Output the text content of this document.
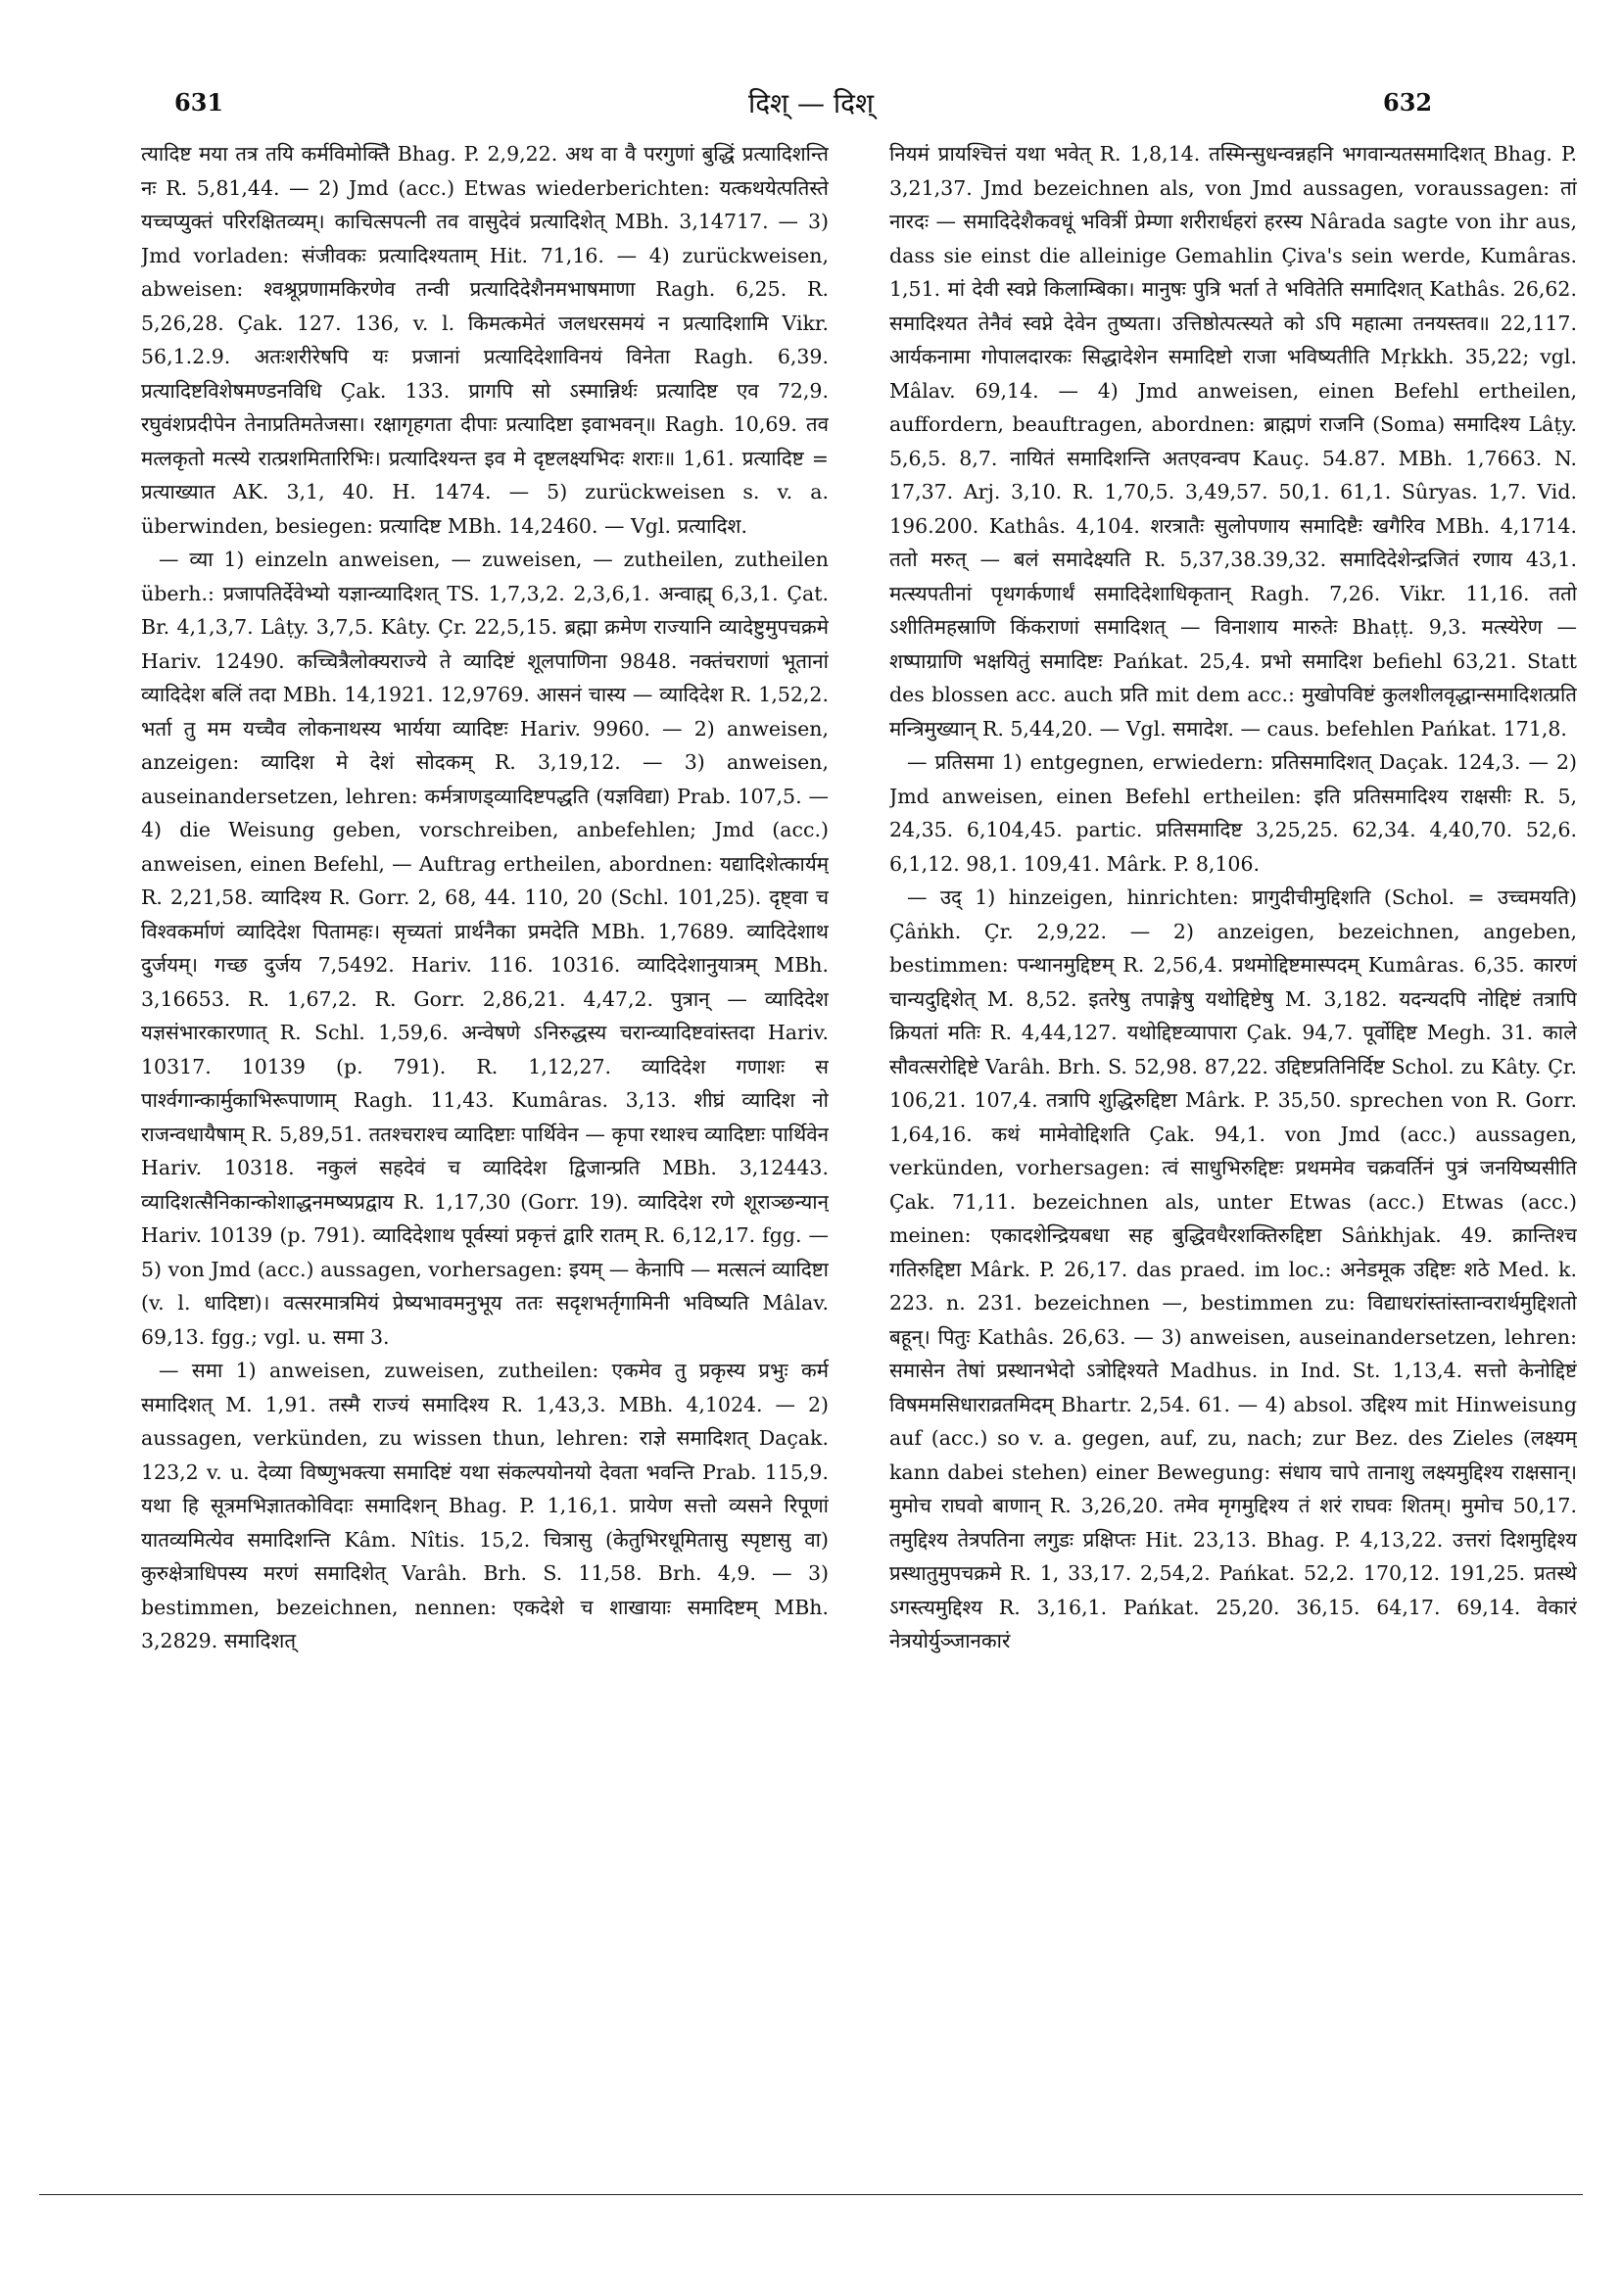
631	दिश् — दिश्	632

त्यादिष्ट मया तत्र तयि कर्मविमोक्तिे Bhag. P. 2,9,22. अथ वा वै परगुणां बुद्धिं प्रत्यादिशन्ति नः R. 5,81,44. — 2) Jmd (acc.) Etwas wiederberichten: यत्कथयेत्पतिस्ते यच्चप्युक्तं परिरक्षितव्यम्। काचित्सपत्नी तव वासुदेवं प्रत्यादिशेत् MBh. 3,14717. — 3) Jmd vorladen: संजीवकः प्रत्यादिश्यताम् Hit. 71,16. — 4) zurückweisen, abweisen: श्वश्रूप्रणामकिरणेव तन्वी प्रत्यादिदेशैनमभाषमाणा Ragh. 6,25. R. 5,26,28. Çak. 127. 136, v. l. किमत्कमेतं जलधरसमयं न प्रत्यादिशामि Vikr. 56,1.2.9. अतःशरीरेषपि यः प्रजानां प्रत्यादिदेशाविनयं विनेता Ragh. 6,39. प्रत्यादिष्टविशेषमण्डनविधि Çak. 133. प्रागपि सो ऽस्मान्निर्थः प्रत्यादिष्ट एव 72,9. रघुवंशप्रदीपेन तेनाप्रतिमतेजसा। रक्षागृहगता दीपाः प्रत्यादिष्टा इवाभवन्॥ Ragh. 10,69. तव मत्लकृतो मत्स्ये रात्प्रशमितारिभिः। प्रत्यादिश्यन्त इव मे दृष्टलक्ष्यभिदः शराः॥ 1,61. प्रत्यादिष्ट = प्रत्याख्यात AK. 3,1, 40. H. 1474. — 5) zurückweisen s. v. a. überwinden, besiegen: प्रत्यादिष्ट MBh. 14,2460. — Vgl. प्रत्यादिश.

— व्या 1) einzeln anweisen, — zuweisen, — zutheilen, zutheilen überh.: प्रजापतिर्देवेभ्यो यज्ञान्व्यादिशत् TS. 1,7,3,2. 2,3,6,1. अन्वाह्म् 6,3,1. Çat. Br. 4,1,3,7. Lâṭy. 3,7,5. Kâty. Çr. 22,5,15. ब्रह्मा क्रमेण राज्यानि व्यादेष्टुमुपचक्रमे Hariv. 12490. कच्चित्रैलोक्यराज्ये ते व्यादिष्टं शूलपाणिना 9848. नक्तंचराणां भूतानां व्यादिदेश बलिं तदा MBh. 14,1921. 12,9769. आसनं चास्य — व्यादिदेश R. 1,52,2. भर्ता तु मम यच्चैव लोकनाथस्य भार्यया व्यादिष्टः Hariv. 9960. — 2) anweisen, anzeigen: व्यादिश मे देशं सोदकम् R. 3,19,12. — 3) anweisen, auseinandersetzen, lehren: कर्मत्राणड्व्यादिष्टपद्धति (यज्ञविद्या) Prab. 107,5. — 4) die Weisung geben, vorschreiben, anbefehlen; Jmd (acc.) anweisen, einen Befehl, — Auftrag ertheilen, abordnen: यद्यादिशेत्कार्यम् R. 2,21,58. व्यादिश्य R. Gorr. 2, 68, 44. 110, 20 (Schl. 101,25). दृष्ट्वा च विश्वकर्माणं व्यादिदेश पितामहः। सृच्यतां प्रार्थनैका प्रमदेति MBh. 1,7689. व्यादिदेशाथ दुर्जयम्। गच्छ दुर्जय 7,5492. Hariv. 116. 10316. व्यादिदेशानुयात्रम् MBh. 3,16653. R. 1,67,2. R. Gorr. 2,86,21. 4,47,2. पुत्रान् — व्यादिदेश यज्ञसंभारकारणात् R. Schl. 1,59,6. अन्वेषणे ऽनिरुद्धस्य चरान्व्यादिष्टवांस्तदा Hariv. 10317. 10139 (p. 791). R. 1,12,27. व्यादिदेश गणाशः स पार्श्वगान्कार्मुकाभिरूपाणाम् Ragh. 11,43. Kumâras. 3,13. शीघ्रं व्यादिश नो राजन्वधायैषाम् R. 5,89,51. ततश्चराश्च व्यादिष्टाः पार्थिवेन — कृपा रथाश्च व्यादिष्टाः पार्थिवेन Hariv. 10318. नकुलं सहदेवं च व्यादिदेश द्विजान्प्रति MBh. 3,12443. व्यादिशत्सैनिकान्कोशाद्धनमष्यप्रद्वाय R. 1,17,30 (Gorr. 19). व्यादिदेश रणे शूराञ्छन्यान् Hariv. 10139 (p. 791). व्यादिदेशाथ पूर्वस्यां प्रकृत्तं द्वारि रातम् R. 6,12,17. fgg. — 5) von Jmd (acc.) aussagen, vorhersagen: इयम् — केनापि — मत्सत्नं व्यादिष्टा (v. l. धादिष्टा)। वत्सरमात्रमियं प्रेष्यभावमनुभूय ततः सदृशभर्तृगामिनी भविष्यति Mâlav. 69,13. fgg.; vgl. u. समा 3.

— समा 1) anweisen, zuweisen, zutheilen: एकमेव तु प्रकृस्य प्रभुः कर्म समादिशत् M. 1,91. तस्मै राज्यं समादिश्य R. 1,43,3. MBh. 4,1024. — 2) aussagen, verkünden, zu wissen thun, lehren: राज्ञे समादिशत् Daçak. 123,2 v. u. देव्या विष्णुभक्त्या समादिष्टं यथा संकल्पयोनयो देवता भवन्ति Prab. 115,9. यथा हि सूत्रमभिज्ञातकोविदाः समादिशन् Bhag. P. 1,16,1. प्रायेण सत्तो व्यसने रिपूणां यातव्यमित्येव समादिशन्ति Kâm. Nîtis. 15,2. चित्रासु (केतुभिरधूमितासु स्पृष्टासु वा) कुरुक्षेत्राधिपस्य मरणं समादिशेत् Varâh. Brh. S. 11,58. Brh. 4,9. — 3) bestimmen, bezeichnen, nennen: एकदेशे च शाखायाः समादिष्टम् MBh. 3,2829. समादिशत्

नियमं प्रायश्चित्तं यथा भवेत् R. 1,8,14. तस्मिन्सुधन्वन्नहनि भगवान्यतसमादिशत् Bhag. P. 3,21,37. Jmd bezeichnen als, von Jmd aussagen, voraussagen: तां नारदः — समादिदेशैकवधूं भवित्रीं प्रेम्णा शरीरार्धहरां हरस्य Nârada sagte von ihr aus, dass sie einst die alleinige Gemahlin Çiva's sein werde, Kumâras. 1,51. मां देवी स्वप्ने किलाम्बिका। मानुषः पुत्रि भर्ता ते भवितेति समादिशत् Kathâs. 26,62. समादिश्यत तेनैवं स्वप्ने देवेन तुष्यता। उत्तिष्ठोत्पत्स्यते को ऽपि महात्मा तनयस्तव॥ 22,117. आर्यकनामा गोपालदारकः सिद्धादेशेन समादिष्टो राजा भविष्यतीति Mṛkkh. 35,22; vgl. Mâlav. 69,14. — 4) Jmd anweisen, einen Befehl ertheilen, auffordern, beauftragen, abordnen: ब्राह्मणं राजनि (Soma) समादिश्य Lâṭy. 5,6,5. 8,7. नायितं समादिशन्ति अतएवन्वप Kauç. 54.87. MBh. 1,7663. N. 17,37. Arj. 3,10. R. 1,70,5. 3,49,57. 50,1. 61,1. Sûryas. 1,7. Vid. 196.200. Kathâs. 4,104. शरत्रातैः सुलोपणाय समादिष्टैः खगैरिव MBh. 4,1714. ततो मरुत् — बलं समादेक्ष्यति R. 5,37,38.39,32. समादिदेशेन्द्रजितं रणाय 43,1. मत्स्यपतीनां पृथगर्कणार्थं समादिदेशाधिकृतान् Ragh. 7,26. Vikr. 11,16. ततो ऽशीतिमहस्राणि किंकराणां समादिशत् — विनाशाय मारुतेः Bhaṭṭ. 9,3. मत्स्येरेण — शष्पाग्राणि भक्षयितुं समादिष्टः Pańkat. 25,4. प्रभो समादिश befiehl 63,21. Statt des blossen acc. auch प्रति mit dem acc.: मुखोपविष्टं कुलशीलवृद्धान्समादिशत्प्रति मन्त्रिमुख्यान् R. 5,44,20. — Vgl. समादेश. — caus. befehlen Pańkat. 171,8.

— प्रतिसमा 1) entgegnen, erwiedern: प्रतिसमादिशत् Daçak. 124,3. — 2) Jmd anweisen, einen Befehl ertheilen: इति प्रतिसमादिश्य राक्षसीः R. 5, 24,35. 6,104,45. partic. प्रतिसमादिष्ट 3,25,25. 62,34. 4,40,70. 52,6. 6,1,12. 98,1. 109,41. Mârk. P. 8,106.

— उद् 1) hinzeigen, hinrichten: प्रागुदीचीमुद्दिशति (Schol. = उच्चमयति) Çâṅkh. Çr. 2,9,22. — 2) anzeigen, bezeichnen, angeben, bestimmen: पन्थानमुद्दिष्टम् R. 2,56,4. प्रथमोद्दिष्टमास्पदम् Kumâras. 6,35. कारणं चान्यदुद्दिशेत् M. 8,52. इतरेषु तपाङ्गेषु यथोद्दिष्टेषु M. 3,182. यदन्यदपि नोद्दिष्टं तत्रापि क्रियतां मतिः R. 4,44,127. यथोद्दिष्टव्यापारा Çak. 94,7. पूर्वोद्दिष्ट Megh. 31. काले सौवत्सरोद्दिष्टे Varâh. Brh. S. 52,98. 87,22. उद्दिष्टप्रतिनिर्दिष्ट Schol. zu Kâty. Çr. 106,21. 107,4. तत्रापि शुद्धिरुद्दिष्टा Mârk. P. 35,50. sprechen von R. Gorr. 1,64,16. कथं मामेवोद्दिशति Çak. 94,1. von Jmd (acc.) aussagen, verkünden, vorhersagen: त्वं साधुभिरुद्दिष्टः प्रथममेव चक्रवर्तिनं पुत्रं जनयिष्यसीति Çak. 71,11. bezeichnen als, unter Etwas (acc.) Etwas (acc.) meinen: एकादशेन्द्रियबधा सह बुद्धिवधैरशक्तिरुद्दिष्टा Sâṅkhjak. 49. क्रान्तिश्च गतिरुद्दिष्टा Mârk. P. 26,17. das praed. im loc.: अनेडमूक उद्दिष्टः शठे Med. k. 223. n. 231. bezeichnen —, bestimmen zu: विद्याधरांस्तांस्तान्वरार्थमुद्दिशतो बहून्। पितुः Kathâs. 26,63. — 3) anweisen, auseinandersetzen, lehren: समासेन तेषां प्रस्थानभेदो ऽत्रोद्दिश्यते Madhus. in Ind. St. 1,13,4. सत्तो केनोद्दिष्टं विषममसिधाराव्रतमिदम् Bhartr. 2,54. 61. — 4) absol. उद्दिश्य mit Hinweisung auf (acc.) so v. a. gegen, auf, zu, nach; zur Bez. des Zieles (लक्ष्यम् kann dabei stehen) einer Bewegung: संधाय चापे तानाशु लक्ष्यमुद्दिश्य राक्षसान्। मुमोच राघवो बाणान् R. 3,26,20. तमेव मृगमुद्दिश्य तं शरं राघवः शितम्। मुमोच 50,17. तमुद्दिश्य तेत्रपतिना लगुडः प्रक्षिप्तः Hit. 23,13. Bhag. P. 4,13,22. उत्तरां दिशमुद्दिश्य प्रस्थातुमुपचक्रमे R. 1, 33,17. 2,54,2. Pańkat. 52,2. 170,12. 191,25. प्रतस्थे ऽगस्त्यमुद्दिश्य R. 3,16,1. Pańkat. 25,20. 36,15. 64,17. 69,14. वेकारं नेत्रयोर्युञ्जानकारं
